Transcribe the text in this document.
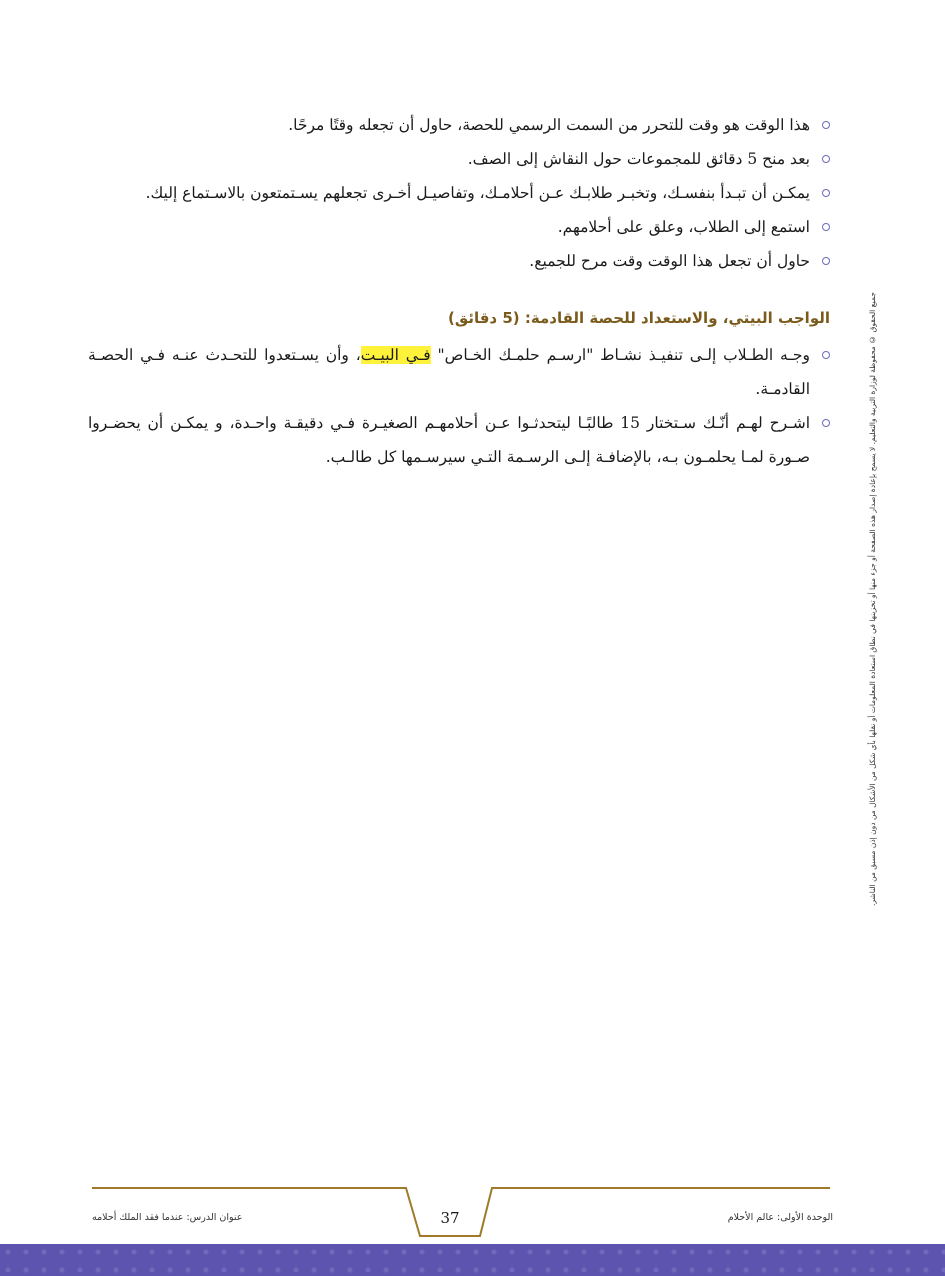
هذا الوقت هو وقت للتحرر من السمت الرسمي للحصة، حاول أن تجعله وقتًا مرحًا.
بعد منح 5 دقائق للمجموعات حول النقاش إلى الصف.
يمكـن أن تبـدأ بنفسـك، وتخبـر طلابـك عـن أحلامـك، وتفاصيـل أخـرى تجعلهم يسـتمتعون بالاسـتماع إليك.
استمع إلى الطلاب، وعلق على أحلامهم.
حاول أن تجعل هذا الوقت وقت مرح للجميع.
الواجب البيتي، والاستعداد للحصة القادمة: (5 دقائق)
وجـه الطـلاب إلـى تنفيـذ نشـاط "ارسـم حلمـك الخـاص" فـي البيـت، وأن يسـتعدوا للتحـدث عنـه فـي الحصـة القادمـة.
اشـرح لهـم أنّـك سـتختار 15 طالبًـا ليتحدثـوا عـن أحلامهـم الصغيـرة فـي دقيقـة واحـدة، و يمكـن أن يحضـروا صـورة لمـا يحلمـون بـه، بالإضافـة إلـى الرسـمة التـي سيرسـمها كل طالـب.	جميع الحقوق © محفوظة لوزارة التربية والتعليم. لا يسمح بإعادة إصدار هذه الصفحة أو جزء منها أو تخزينها في نطاق استعادة المعلومات أو نقلها بأي شكل من الأشكال من دون إذن مسبق من الناشر.
الوحدة الأولى: عالم الأحلام
37
عنوان الدرس: عندما فقد الملك أحلامه
